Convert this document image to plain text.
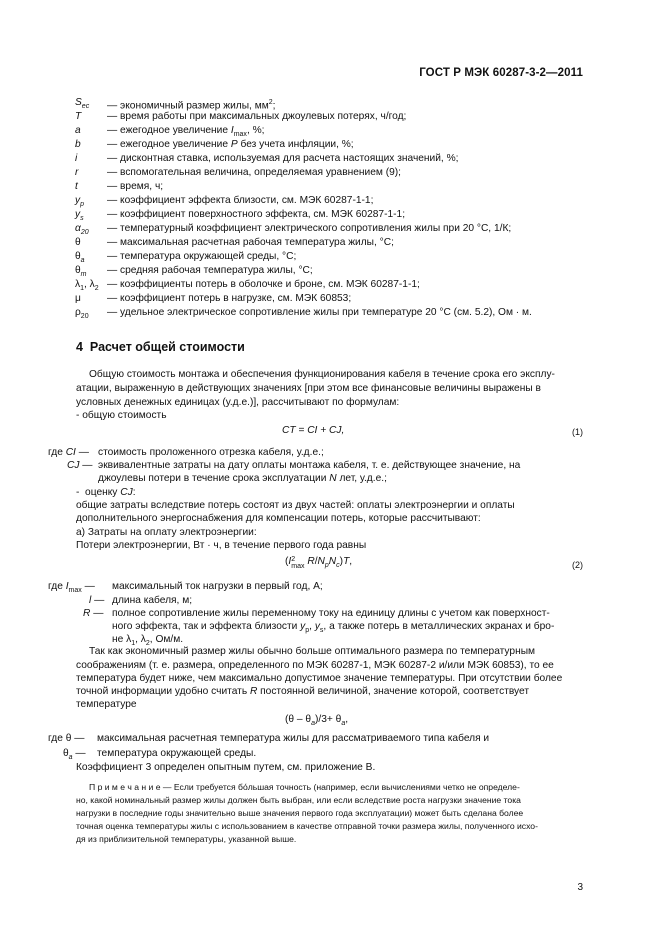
ГОСТ Р МЭК 60287-3-2—2011
$S_{ec}$ — экономичный размер жилы, $мм^2$;
T	— время работы при максимальных джоулевых потерях, ч/год;
a	— ежегодное увеличение $I_{max}$, %;
b	— ежегодное увеличение P без учета инфляции, %;
i	— дисконтная ставка, используемая для расчета настоящих значений, %;
r	— вспомогательная величина, определяемая уравнением (9);
t	— время, ч;
$y_p$ — коэффициент эффекта близости, см. МЭК 60287-1-1;
$y_s$ — коэффициент поверхностного эффекта, см. МЭК 60287-1-1;
$\alpha_{20}$ — температурный коэффициент электрического сопротивления жилы при 20 °С, 1/К;
θ	— максимальная расчетная рабочая температура жилы, °С;
$\theta_a$ — температура окружающей среды, °С;
$\theta_m$ — средняя рабочая температура жилы, °С;
$\lambda_1$, $\lambda_2$ — коэффициенты потерь в оболочке и броне, см. МЭК 60287-1-1;
μ	— коэффициент потерь в нагрузке, см. МЭК 60853;
$\rho_{20}$ — удельное электрическое сопротивление жилы при температуре 20 °С (см. 5.2), Ом · м.
4 Расчет общей стоимости
Общую стоимость монтажа и обеспечения функционирования кабеля в течение срока его эксплу-
атации, выраженную в действующих значениях [при этом все финансовые величины выражены в
условных денежных единицах (у.д.е.)], рассчитывают по формулам:
- общую стоимость
CT = CI + CJ,	(1)
где CI — стоимость проложенного отрезка кабеля, у.д.е.;
CJ — эквивалентные затраты на дату оплаты монтажа кабеля, т. е. действующее значение, на
джоулевы потери в течение срока эксплуатации N лет, у.д.е.;
-  оценку CJ:
общие затраты вследствие потерь состоят из двух частей: оплаты электроэнергии и оплаты
дополнительного энергоснабжения для компенсации потерь, которые рассчитывают:
а) Затраты на оплату электроэнергии:
Потери электроэнергии, Вт · ч, в течение первого года равны
(I 2
$\max R/N_pN_c)T$,	(2)
где $I_{max}$ — максимальный ток нагрузки в первый год, А;
l — длина кабеля, м;
R — полное сопротивление жилы переменному току на единицу длины с учетом как поверхност-
ного эффекта, так и эффекта близости $y_p$, $y_s$, а также потерь в металлических экранах и бро-
не $\lambda_1$, $\lambda_2$, Ом/м.
Так как экономичный размер жилы обычно больше оптимального размера по температурным
соображениям (т. е. размера, определенного по МЭК 60287-1, МЭК 60287-2 и/или МЭК 60853), то ее
температура будет ниже, чем максимально допустимое значение температуры. При отсутствии более
точной информации удобно считать R постоянной величиной, значение которой, соответствует
температуре
$(\theta - \theta_a)/3+ \theta_a$,
где θ — максимальная расчетная температура жилы для рассматриваемого типа кабеля и
$\theta_a$ — температура окружающей среды.
Коэффициент 3 определен опытным путем, см. приложение В.
П р и м е ч а н и е — Если требуется бо́льшая точность (например, если вычислениями четко не определе-
но, какой номинальный размер жилы должен быть выбран, или если вследствие роста нагрузки значение тока
нагрузки в последние годы значительно выше значения первого года эксплуатации) может быть сделана более
точная оценка температуры жилы с использованием в качестве отправной точки размера жилы, полученного исхо-
дя из приблизительной температуры, указанной выше.
3
